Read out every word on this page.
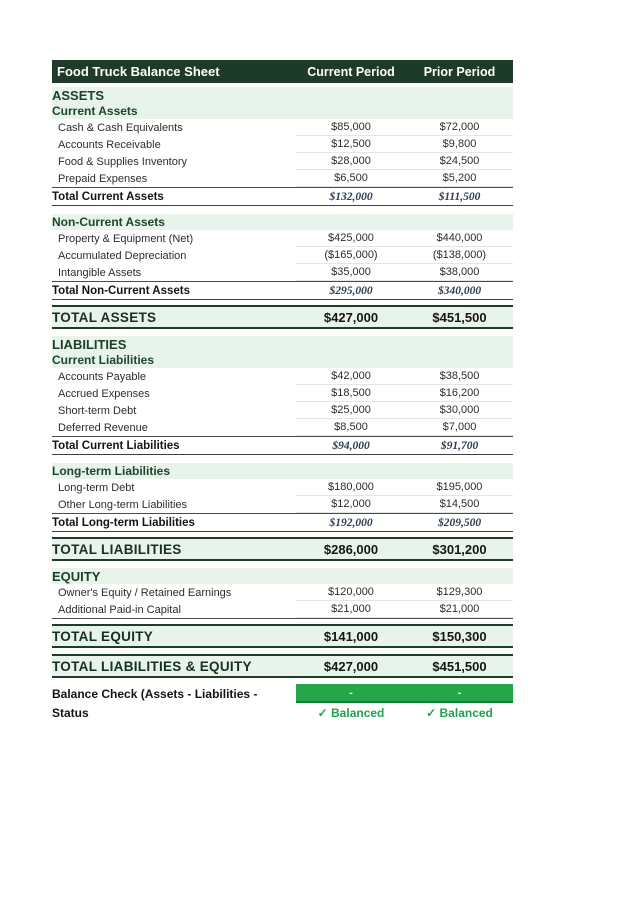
Food Truck Balance Sheet	Current Period	Prior Period
ASSETS
Current Assets
Cash & Cash Equivalents	$85,000	$72,000
Accounts Receivable	$12,500	$9,800
Food & Supplies Inventory	$28,000	$24,500
Prepaid Expenses	$6,500	$5,200
Total Current Assets	$132,000	$111,500
Non-Current Assets
Property & Equipment (Net)	$425,000	$440,000
Accumulated Depreciation	($165,000)	($138,000)
Intangible Assets	$35,000	$38,000
Total Non-Current Assets	$295,000	$340,000
TOTAL ASSETS	$427,000	$451,500
LIABILITIES
Current Liabilities
Accounts Payable	$42,000	$38,500
Accrued Expenses	$18,500	$16,200
Short-term Debt	$25,000	$30,000
Deferred Revenue	$8,500	$7,000
Total Current Liabilities	$94,000	$91,700
Long-term Liabilities
Long-term Debt	$180,000	$195,000
Other Long-term Liabilities	$12,000	$14,500
Total Long-term Liabilities	$192,000	$209,500
TOTAL LIABILITIES	$286,000	$301,200
EQUITY
Owner's Equity / Retained Earnings	$120,000	$129,300
Additional Paid-in Capital	$21,000	$21,000
TOTAL EQUITY	$141,000	$150,300
TOTAL LIABILITIES & EQUITY	$427,000	$451,500
Balance Check (Assets - Liabilities -	-	-
Status	✓ Balanced	✓ Balanced
